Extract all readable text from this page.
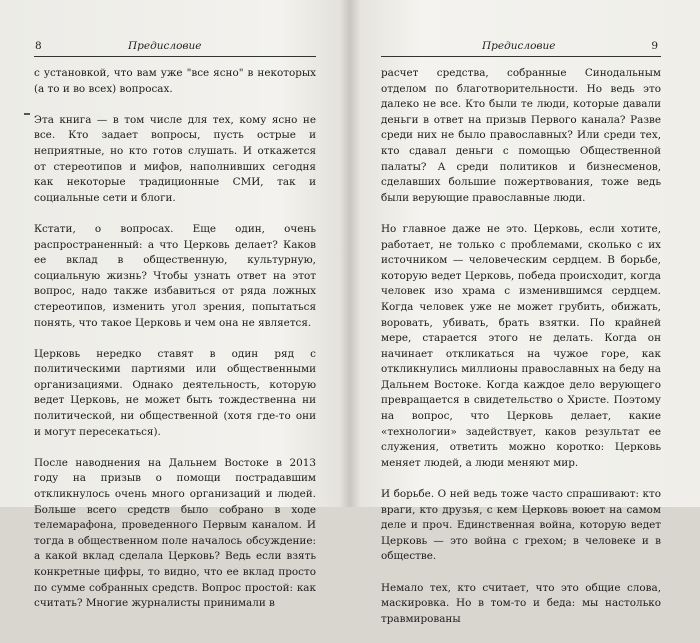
8	Предисловие

с установкой, что вам уже "все ясно" в некоторых (а то и во всех) вопросах.

Эта книга — в том числе для тех, кому ясно не все. Кто задает вопросы, пусть острые и неприятные, но кто готов слушать. И откажется от стереотипов и мифов, наполнивших сегодня как некоторые традиционные СМИ, так и социальные сети и блоги.

Кстати, о вопросах. Еще один, очень распространенный: а что Церковь делает? Каков ее вклад в общественную, культурную, социальную жизнь? Чтобы узнать ответ на этот вопрос, надо также избавиться от ряда ложных стереотипов, изменить угол зрения, попытаться понять, что такое Церковь и чем она не является.

Церковь нередко ставят в один ряд с политическими партиями или общественными организациями. Однако деятельность, которую ведет Церковь, не может быть тождественна ни политической, ни общественной (хотя где-то они и могут пересекаться).

После наводнения на Дальнем Востоке в 2013 году на призыв о помощи пострадавшим откликнулось очень много организаций и людей. Больше всего средств было собрано в ходе телемарафона, проведенного Первым каналом. И тогда в общественном поле началось обсуждение: а какой вклад сделала Церковь? Ведь если взять конкретные цифры, то видно, что ее вклад просто по сумме собранных средств. Вопрос простой: как считать? Многие журналисты принимали в

Предисловие	9

расчет средства, собранные Синодальным отделом по благотворительности. Но ведь это далеко не все. Кто были те люди, которые давали деньги в ответ на призыв Первого канала? Разве среди них не было православных? Или среди тех, кто сдавал деньги с помощью Общественной палаты? А среди политиков и бизнесменов, сделавших большие пожертвования, тоже ведь были верующие православные люди.

Но главное даже не это. Церковь, если хотите, работает, не только с проблемами, сколько с их источником — человеческим сердцем. В борьбе, которую ведет Церковь, победа происходит, когда человек изо храма с изменившимся сердцем. Когда человек уже не может грубить, обижать, воровать, убивать, брать взятки. По крайней мере, старается этого не делать. Когда он начинает откликаться на чужое горе, как откликнулись миллионы православных на беду на Дальнем Востоке. Когда каждое дело верующего превращается в свидетельство о Христе. Поэтому на вопрос, что Церковь делает, какие «технологии» задействует, каков результат ее служения, ответить можно коротко: Церковь меняет людей, а люди меняют мир.

И борьбе. О ней ведь тоже часто спрашивают: кто враги, кто друзья, с кем Церковь воюет на самом деле и проч. Единственная война, которую ведет Церковь — это война с грехом; в человеке и в обществе.

Немало тех, кто считает, что это общие слова, маскировка. Но в том-то и беда: мы настолько травмированы
